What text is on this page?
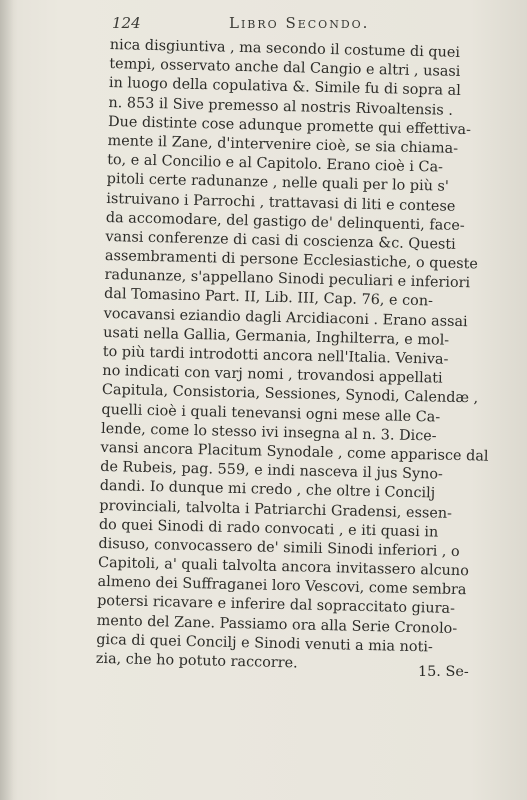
124	Libro Secondo.
nica disgiuntiva , ma secondo il costume di quei
tempi, osservato anche dal Cangio e altri , usasi
in luogo della copulativa &. Simile fu di sopra al
n. 853 il Sive premesso al nostris Rivoaltensis .
Due distinte cose adunque promette qui effettiva-
mente il Zane, d'intervenire cioè, se sia chiama-
to, e al Concilio e al Capitolo. Erano cioè i Ca-
pitoli certe radunanze , nelle quali per lo più s'
istruivano i Parrochi , trattavasi di liti e contese
da accomodare, del gastigo de' delinquenti, face-
vansi conferenze di casi di coscienza &c. Questi
assembramenti di persone Ecclesiastiche, o queste
radunanze, s'appellano Sinodi peculiari e inferiori
dal Tomasino Part. II, Lib. III, Cap. 76, e con-
vocavansi eziandio dagli Arcidiaconi . Erano assai
usati nella Gallia, Germania, Inghilterra, e mol-
to più tardi introdotti ancora nell'Italia. Veniva-
no indicati con varj nomi , trovandosi appellati
Capitula, Consistoria, Sessiones, Synodi, Calendæ ,
quelli cioè i quali tenevansi ogni mese alle Ca-
lende, come lo stesso ivi insegna al n. 3. Dice-
vansi ancora Placitum Synodale , come apparisce dal
de Rubeis, pag. 559, e indi nasceva il jus Syno-
dandi. Io dunque mi credo , che oltre i Concilj
provinciali, talvolta i Patriarchi Gradensi, essen-
do quei Sinodi di rado convocati , e iti quasi in
disuso, convocassero de' simili Sinodi inferiori , o
Capitoli, a' quali talvolta ancora invitassero alcuno
almeno dei Suffraganei loro Vescovi, come sembra
potersi ricavare e inferire dal sopraccitato giura-
mento del Zane. Passiamo ora alla Serie Cronolo-
gica di quei Concilj e Sinodi venuti a mia noti-
zia, che ho potuto raccorre.
15. Se-
